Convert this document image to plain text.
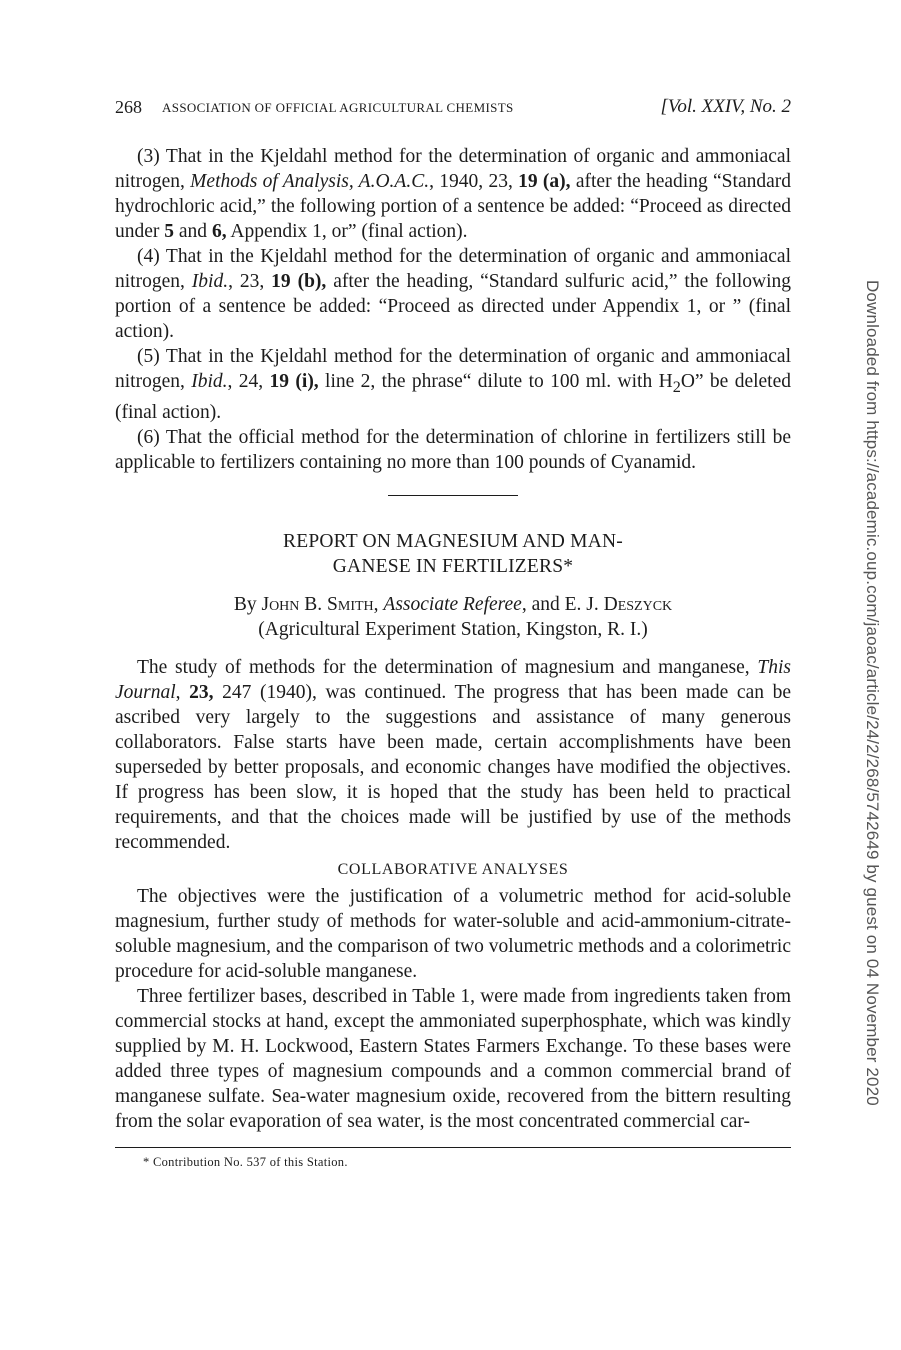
268 ASSOCIATION OF OFFICIAL AGRICULTURAL CHEMISTS	[Vol. XXIV, No. 2

(3) That in the Kjeldahl method for the determination of organic and ammoniacal nitrogen, Methods of Analysis, A.O.A.C., 1940, 23, 19 (a), after the heading “Standard hydrochloric acid,” the following portion of a sentence be added: “Proceed as directed under 5 and 6, Appendix 1, or” (final action).

(4) That in the Kjeldahl method for the determination of organic and ammoniacal nitrogen, Ibid., 23, 19 (b), after the heading, “Standard sulfuric acid,” the following portion of a sentence be added: “Proceed as directed under Appendix 1, or ” (final action).

(5) That in the Kjeldahl method for the determination of organic and ammoniacal nitrogen, Ibid., 24, 19 (i), line 2, the phrase“ dilute to 100 ml. with $H_2O$” be deleted (final action).

(6) That the official method for the determination of chlorine in fertilizers still be applicable to fertilizers containing no more than 100 pounds of Cyanamid.

REPORT ON MAGNESIUM AND MAN-
GANESE IN FERTILIZERS*
By John B. Smith, Associate Referee, and E. J. Deszyck
(Agricultural Experiment Station, Kingston, R. I.)

The study of methods for the determination of magnesium and manganese, This Journal, 23, 247 (1940), was continued. The progress that has been made can be ascribed very largely to the suggestions and assistance of many generous collaborators. False starts have been made, certain accomplishments have been superseded by better proposals, and economic changes have modified the objectives. If progress has been slow, it is hoped that the study has been held to practical requirements, and that the choices made will be justified by use of the methods recommended.

COLLABORATIVE ANALYSES

The objectives were the justification of a volumetric method for acid-soluble magnesium, further study of methods for water-soluble and acid-ammonium-citrate-soluble magnesium, and the comparison of two volumetric methods and a colorimetric procedure for acid-soluble manganese.

Three fertilizer bases, described in Table 1, were made from ingredients taken from commercial stocks at hand, except the ammoniated superphosphate, which was kindly supplied by M. H. Lockwood, Eastern States Farmers Exchange. To these bases were added three types of magnesium compounds and a common commercial brand of manganese sulfate. Sea-water magnesium oxide, recovered from the bittern resulting from the solar evaporation of sea water, is the most concentrated commercial car-

* Contribution No. 537 of this Station.
Downloaded from https://academic.oup.com/jaoac/article/24/2/268/5742649 by guest on 04 November 2020
